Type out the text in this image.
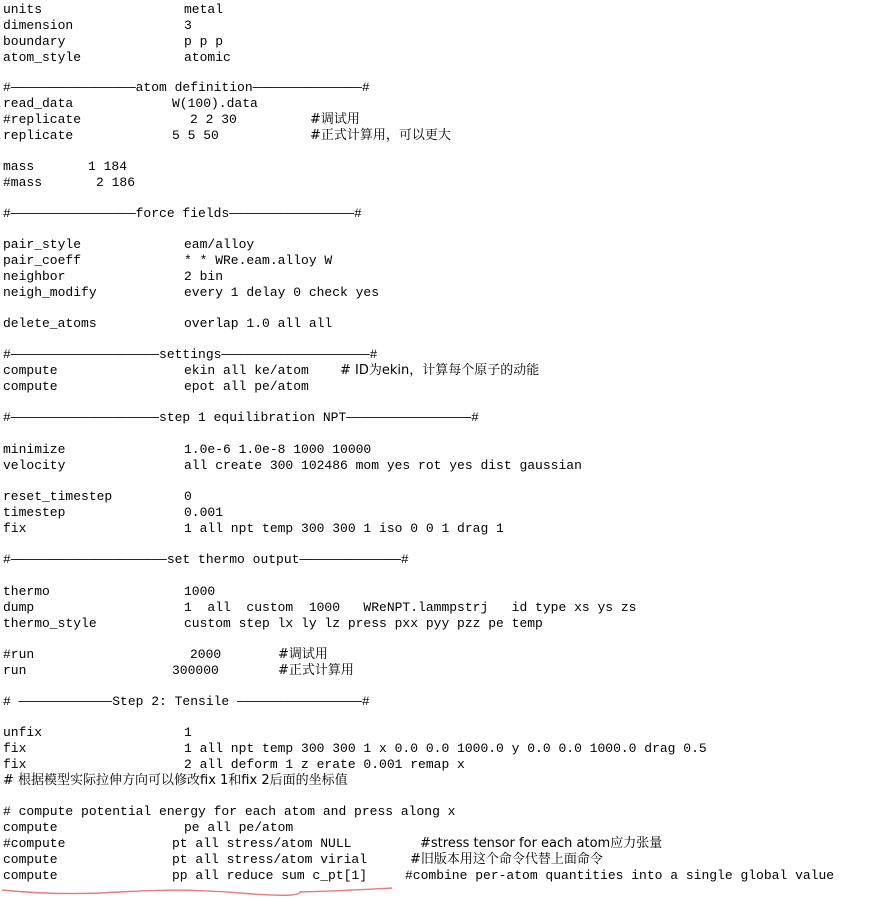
units	metal
dimension	3
boundary	p p p
atom_style	atomic
#――――――――――――――――atom definition――――――――――――――#
read_data	W(100).data
#replicate	2 2 30	#调试用
replicate	5 5 50	#正式计算用，可以更大
mass	1 184
#mass	2 186
#――――――――――――――――force fields――――――――――――――――#
pair_style	eam/alloy
pair_coeff	* * WRe.eam.alloy W
neighbor	2 bin
neigh_modify	every 1 delay 0 check yes
delete_atoms	overlap 1.0 all all
#―――――――――――――――――――settings―――――――――――――――――――#
compute	ekin all ke/atom # ID为ekin，计算每个原子的动能
compute	epot all pe/atom
#―――――――――――――――――――step 1 equilibration NPT――――――――――――――――#
minimize	1.0e-6 1.0e-8 1000 10000
velocity	all create 300 102486 mom yes rot yes dist gaussian
reset_timestep	0
timestep	0.001
fix	1 all npt temp 300 300 1 iso 0 0 1 drag 1
#――――――――――――――――――――set thermo output―――――――――――――#
thermo	1000
dump	1  all  custom  1000   WReNPT.lammpstrj   id type xs ys zs
thermo_style	custom step lx ly lz press pxx pyy pzz pe temp
#run	2000	#调试用
run	300000	#正式计算用
# ――――――――――――Step 2: Tensile ――――――――――――――――#
unfix	1
fix	1 all npt temp 300 300 1 x 0.0 0.0 1000.0 y 0.0 0.0 1000.0 drag 0.5
fix	2 all deform 1 z erate 0.001 remap x
# 根据模型实际拉伸方向可以修改fix 1和fix 2后面的坐标值
# compute potential energy for each atom and press along x
compute	pe all pe/atom
#compute	pt all stress/atom NULL	#stress tensor for each atom应力张量
compute	pt all stress/atom virial	#旧版本用这个命令代替上面命令
compute	pp all reduce sum c_pt[1]	#combine per-atom quantities into a single global value
